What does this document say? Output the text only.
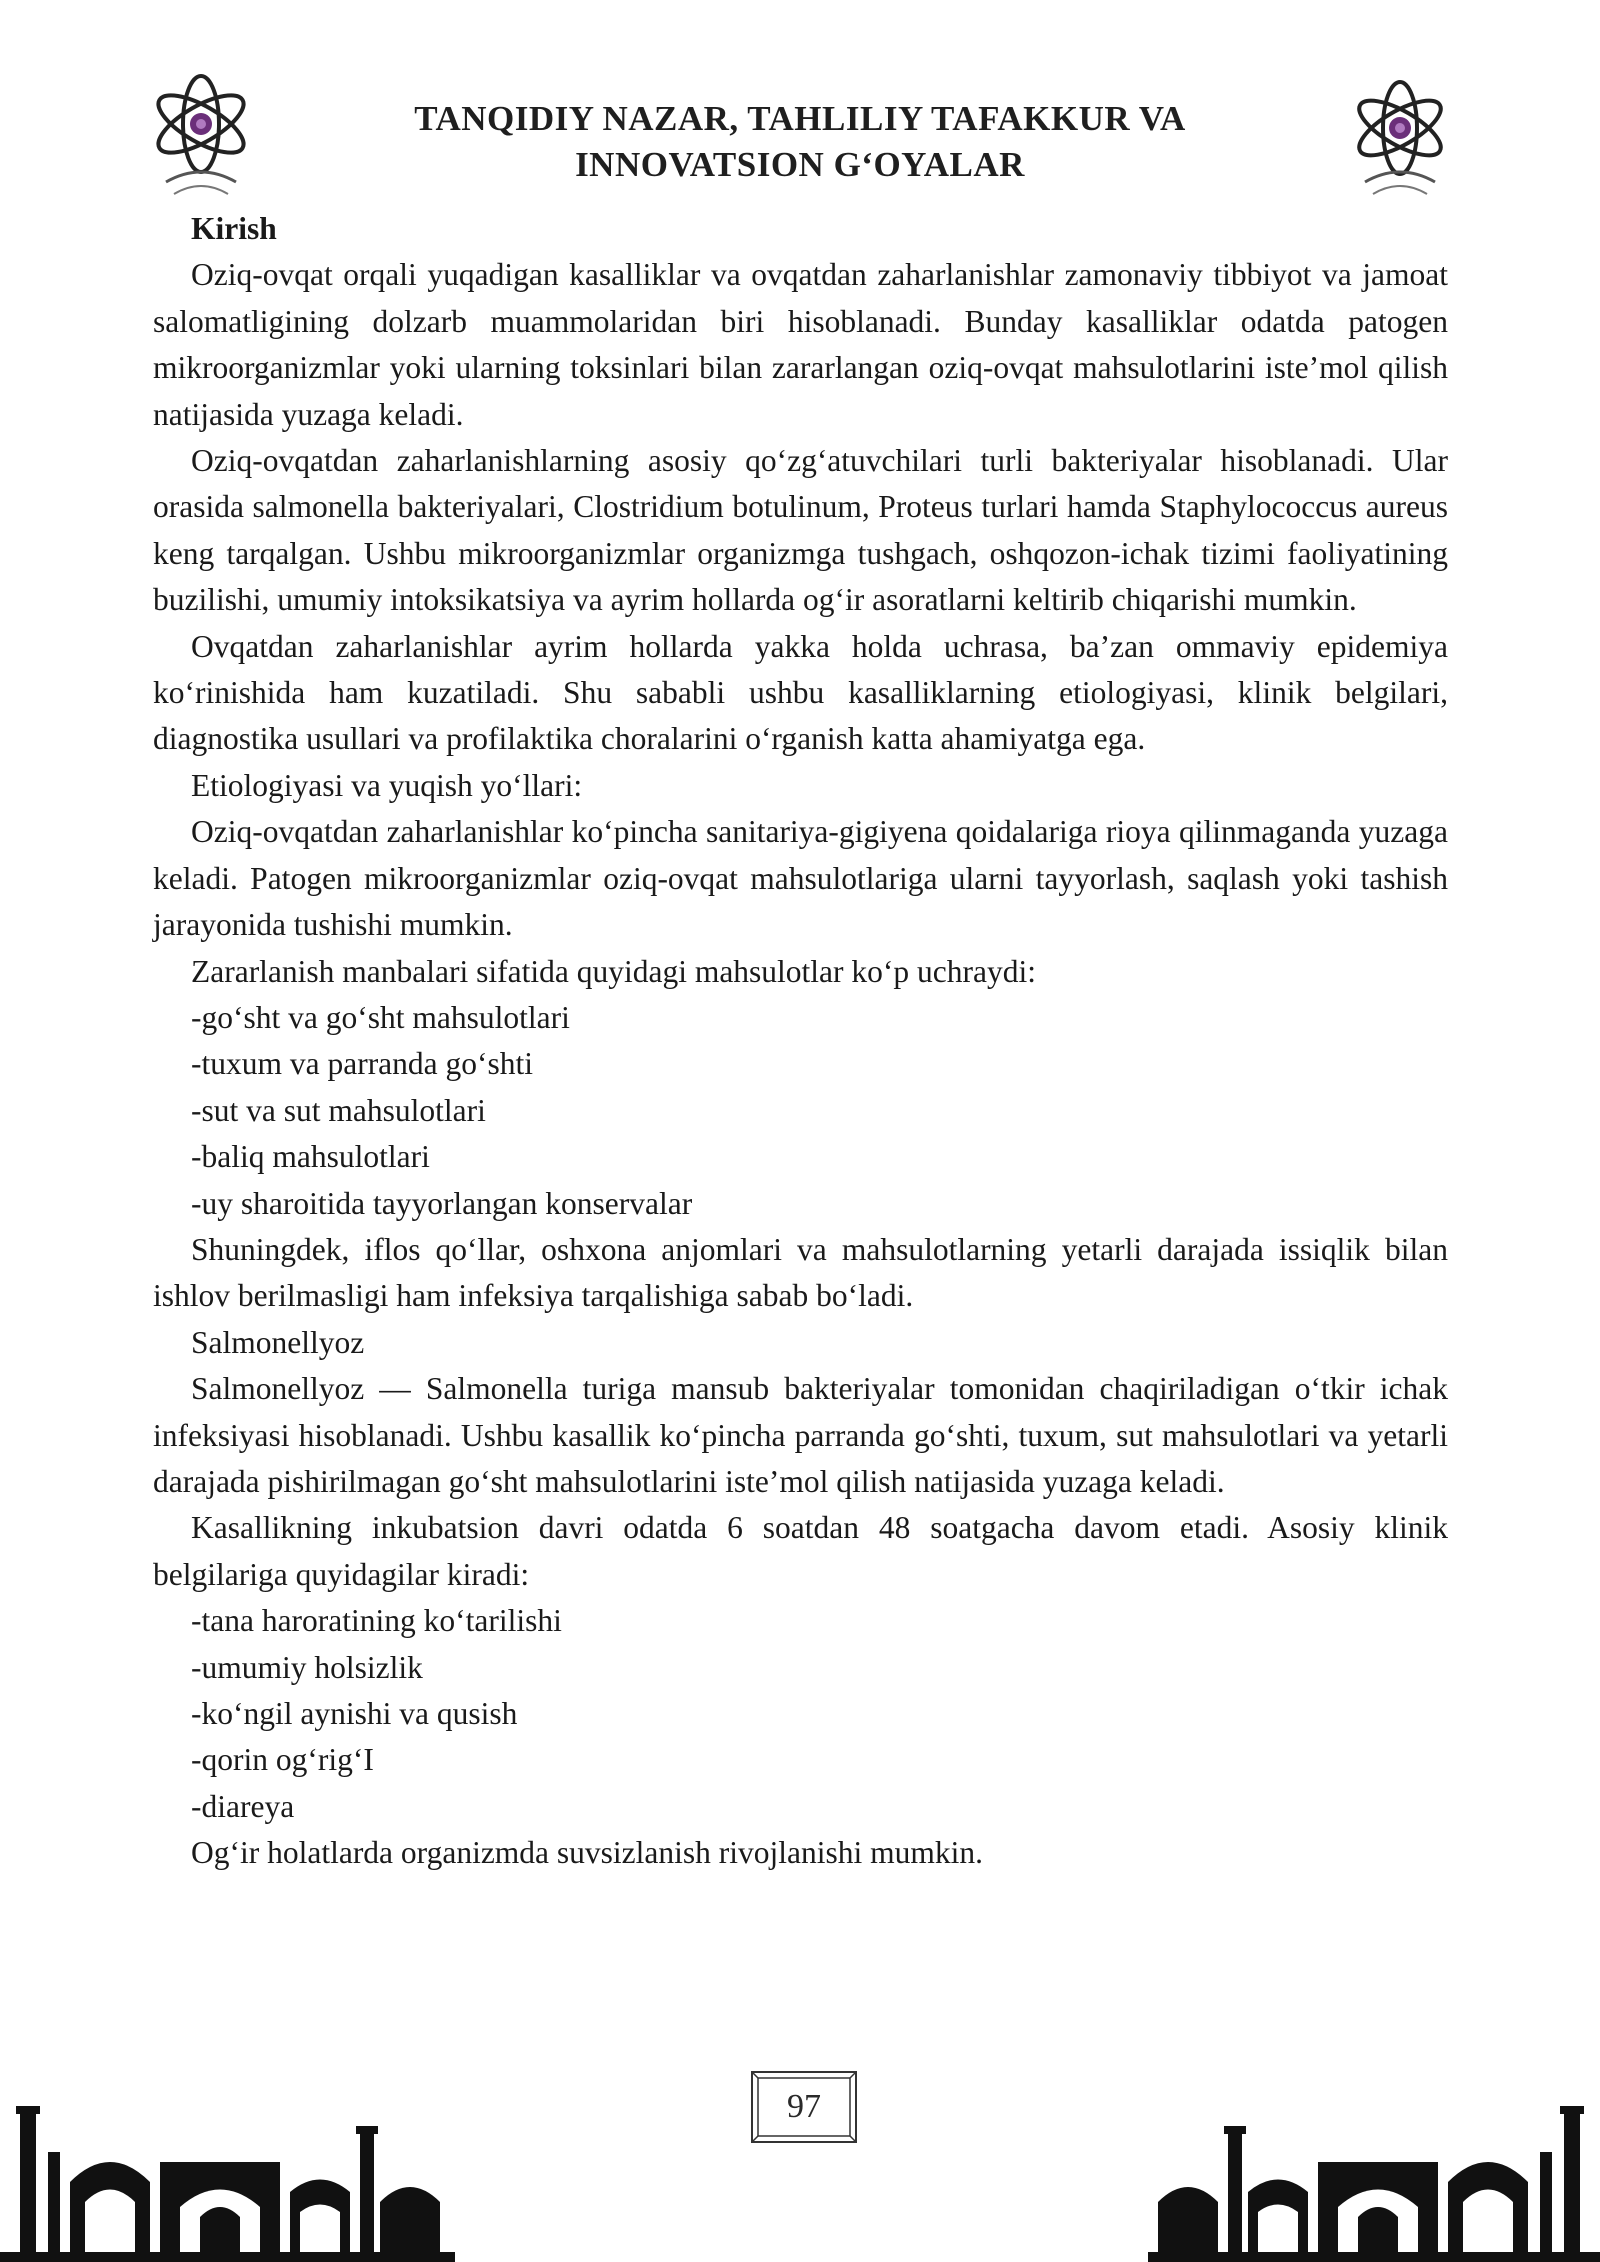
TANQIDIY NAZAR, TAHLILIY TAFAKKUR VA
INNOVATSION G‘OYALAR
Kirish

Oziq-ovqat orqali yuqadigan kasalliklar va ovqatdan zaharlanishlar zamonaviy tibbiyot va jamoat salomatligining dolzarb muammolaridan biri hisoblanadi. Bunday kasalliklar odatda patogen mikroorganizmlar yoki ularning toksinlari bilan zararlangan oziq-ovqat mahsulotlarini iste’mol qilish natijasida yuzaga keladi.

Oziq-ovqatdan zaharlanishlarning asosiy qo‘zg‘atuvchilari turli bakteriyalar hisoblanadi. Ular orasida salmonella bakteriyalari, Clostridium botulinum, Proteus turlari hamda Staphylococcus aureus keng tarqalgan. Ushbu mikroorganizmlar organizmga tushgach, oshqozon-ichak tizimi faoliyatining buzilishi, umumiy intoksikatsiya va ayrim hollarda og‘ir asoratlarni keltirib chiqarishi mumkin.

Ovqatdan zaharlanishlar ayrim hollarda yakka holda uchrasa, ba’zan ommaviy epidemiya ko‘rinishida ham kuzatiladi. Shu sababli ushbu kasalliklarning etiologiyasi, klinik belgilari, diagnostika usullari va profilaktika choralarini o‘rganish katta ahamiyatga ega.

Etiologiyasi va yuqish yo‘llari:

Oziq-ovqatdan zaharlanishlar ko‘pincha sanitariya-gigiyena qoidalariga rioya qilinmaganda yuzaga keladi. Patogen mikroorganizmlar oziq-ovqat mahsulotlariga ularni tayyorlash, saqlash yoki tashish jarayonida tushishi mumkin.

Zararlanish manbalari sifatida quyidagi mahsulotlar ko‘p uchraydi:

-go‘sht va go‘sht mahsulotlari

-tuxum va parranda go‘shti

-sut va sut mahsulotlari

-baliq mahsulotlari

-uy sharoitida tayyorlangan konservalar

Shuningdek, iflos qo‘llar, oshxona anjomlari va mahsulotlarning yetarli darajada issiqlik bilan ishlov berilmasligi ham infeksiya tarqalishiga sabab bo‘ladi.

Salmonellyoz

Salmonellyoz — Salmonella turiga mansub bakteriyalar tomonidan chaqiriladigan o‘tkir ichak infeksiyasi hisoblanadi. Ushbu kasallik ko‘pincha parranda go‘shti, tuxum, sut mahsulotlari va yetarli darajada pishirilmagan go‘sht mahsulotlarini iste’mol qilish natijasida yuzaga keladi.

Kasallikning inkubatsion davri odatda 6 soatdan 48 soatgacha davom etadi. Asosiy klinik belgilariga quyidagilar kiradi:

-tana haroratining ko‘tarilishi

-umumiy holsizlik

-ko‘ngil aynishi va qusish

-qorin og‘rig‘I

-diareya

Og‘ir holatlarda organizmda suvsizlanish rivojlanishi mumkin.

97
